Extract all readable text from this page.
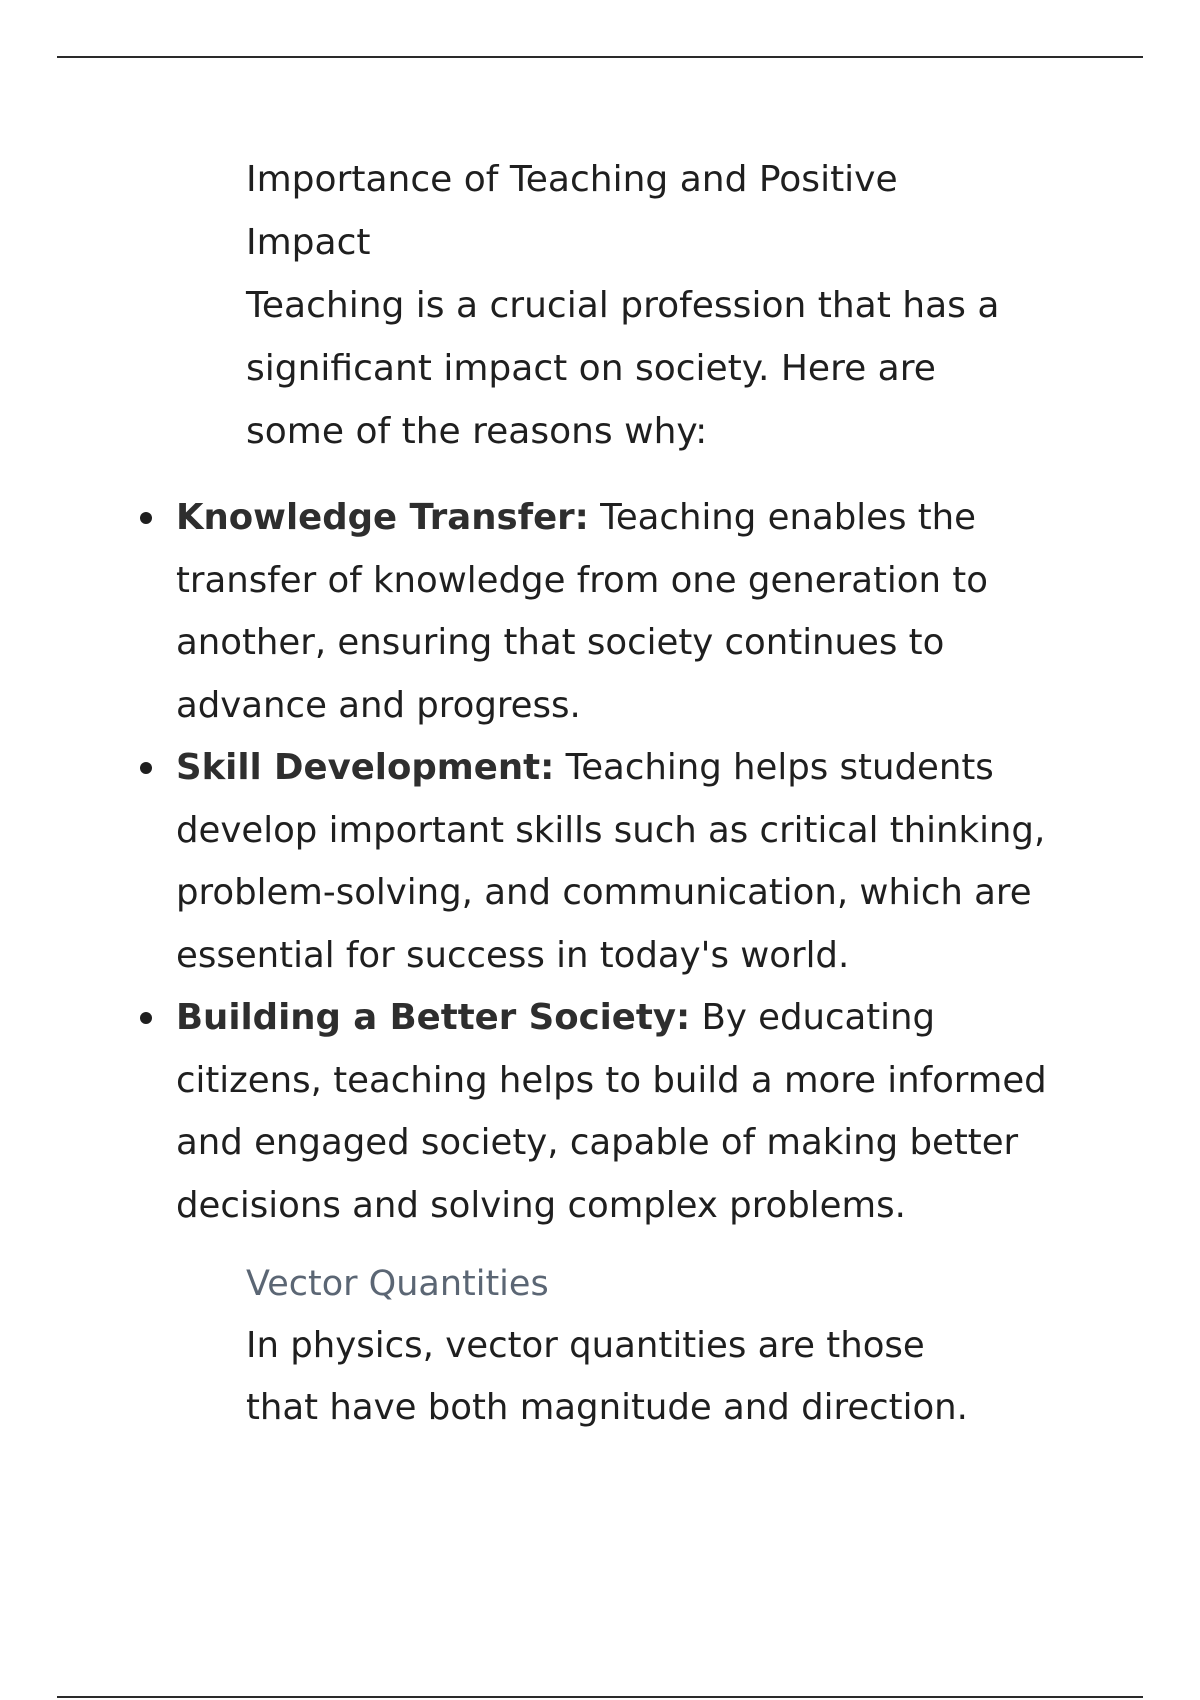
Importance of Teaching and Positive Impact

Teaching is a crucial profession that has a significant impact on society. Here are some of the reasons why:

Knowledge Transfer: Teaching enables the transfer of knowledge from one generation to another, ensuring that society continues to advance and progress.
Skill Development: Teaching helps students develop important skills such as critical thinking, problem-solving, and communication, which are essential for success in today's world.
Building a Better Society: By educating citizens, teaching helps to build a more informed and engaged society, capable of making better decisions and solving complex problems.
Vector Quantities

In physics, vector quantities are those that have both magnitude and direction.
